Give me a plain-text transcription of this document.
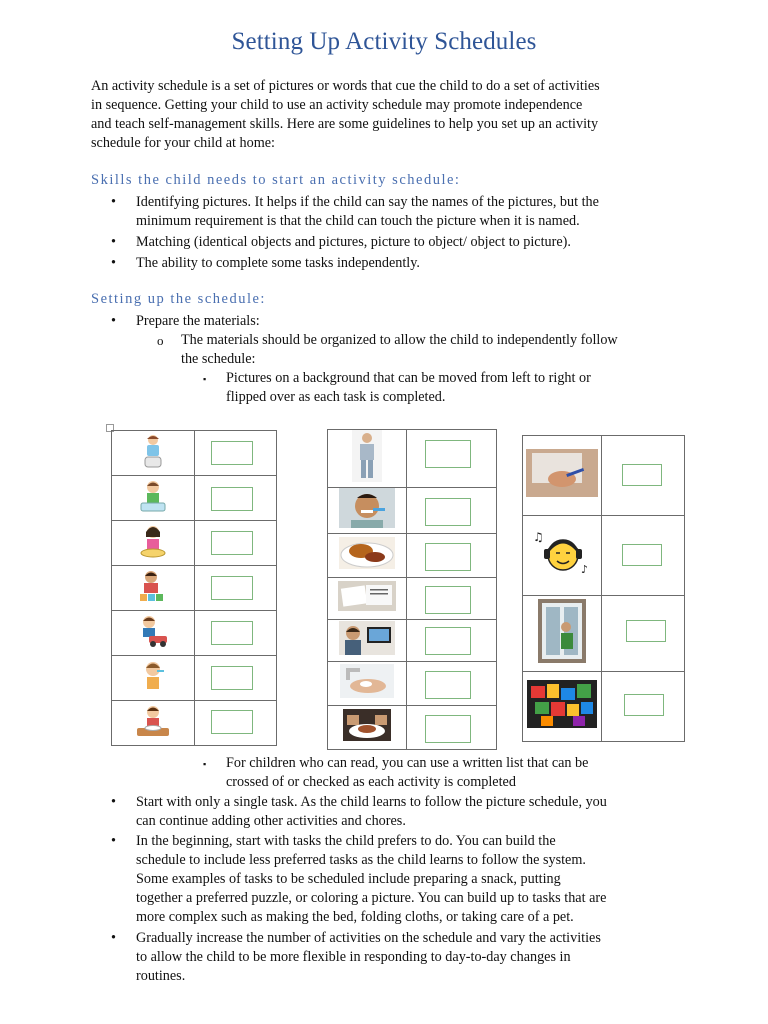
Setting Up Activity Schedules
An activity schedule is a set of pictures or words that cue the child to do a set of activities
in sequence. Getting your child to use an activity schedule may promote independence
and teach self-management skills. Here are some guidelines to help you set up an activity
schedule for your child at home:
Skills the child needs to start an activity schedule:
• Identifying pictures. It helps if the child can say the names of the pictures, but the
minimum requirement is that the child can touch the picture when it is named.
• Matching (identical objects and pictures, picture to object/ object to picture).
• The ability to complete some tasks independently.
Setting up the schedule:
• Prepare the materials:
o The materials should be organized to allow the child to independently follow
the schedule:
▪ Pictures on a background that can be moved from left to right or
flipped over as each task is completed.

♫
♪	

▪ For children who can read, you can use a written list that can be
crossed of or checked as each activity is completed
• Start with only a single task. As the child learns to follow the picture schedule, you
can continue adding other activities and chores.
• In the beginning, start with tasks the child prefers to do. You can build the
schedule to include less preferred tasks as the child learns to follow the system.
Some examples of tasks to be scheduled include preparing a snack, putting
together a preferred puzzle, or coloring a picture. You can build up to tasks that are
more complex such as making the bed, folding cloths, or taking care of a pet.
• Gradually increase the number of activities on the schedule and vary the activities
to allow the child to be more flexible in responding to day-to-day changes in
routines.
